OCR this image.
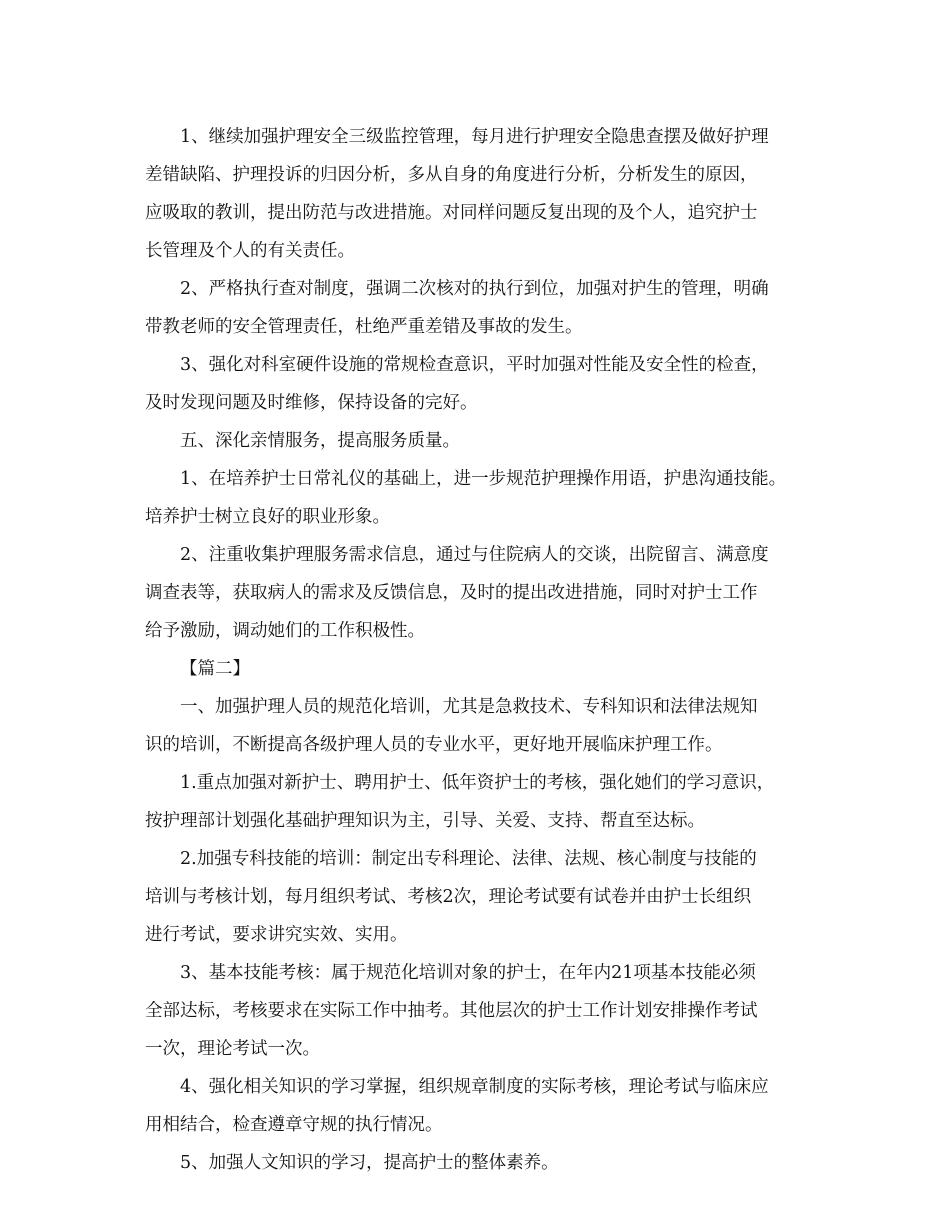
1、继续加强护理安全三级监控管理，每月进行护理安全隐患查摆及做好护理
差错缺陷、护理投诉的归因分析，多从自身的角度进行分析，分析发生的原因，
应吸取的教训，提出防范与改进措施。对同样问题反复出现的及个人，追究护士
长管理及个人的有关责任。
2、严格执行查对制度，强调二次核对的执行到位，加强对护生的管理，明确
带教老师的安全管理责任，杜绝严重差错及事故的发生。
3、强化对科室硬件设施的常规检查意识，平时加强对性能及安全性的检查，
及时发现问题及时维修，保持设备的完好。
五、深化亲情服务，提高服务质量。
1、在培养护士日常礼仪的基础上，进一步规范护理操作用语，护患沟通技能。
培养护士树立良好的职业形象。
2、注重收集护理服务需求信息，通过与住院病人的交谈，出院留言、满意度
调查表等，获取病人的需求及反馈信息，及时的提出改进措施，同时对护士工作
给予激励，调动她们的工作积极性。
【篇二】
一、加强护理人员的规范化培训，尤其是急救技术、专科知识和法律法规知
识的培训，不断提高各级护理人员的专业水平，更好地开展临床护理工作。
1.重点加强对新护士、聘用护士、低年资护士的考核，强化她们的学习意识，
按护理部计划强化基础护理知识为主，引导、关爱、支持、帮直至达标。
2.加强专科技能的培训：制定出专科理论、法律、法规、核心制度与技能的
培训与考核计划，每月组织考试、考核2次，理论考试要有试卷并由护士长组织
进行考试，要求讲究实效、实用。
3、基本技能考核：属于规范化培训对象的护士，在年内21项基本技能必须
全部达标，考核要求在实际工作中抽考。其他层次的护士工作计划安排操作考试
一次，理论考试一次。
4、强化相关知识的学习掌握，组织规章制度的实际考核，理论考试与临床应
用相结合，检查遵章守规的执行情况。
5、加强人文知识的学习，提高护士的整体素养。
